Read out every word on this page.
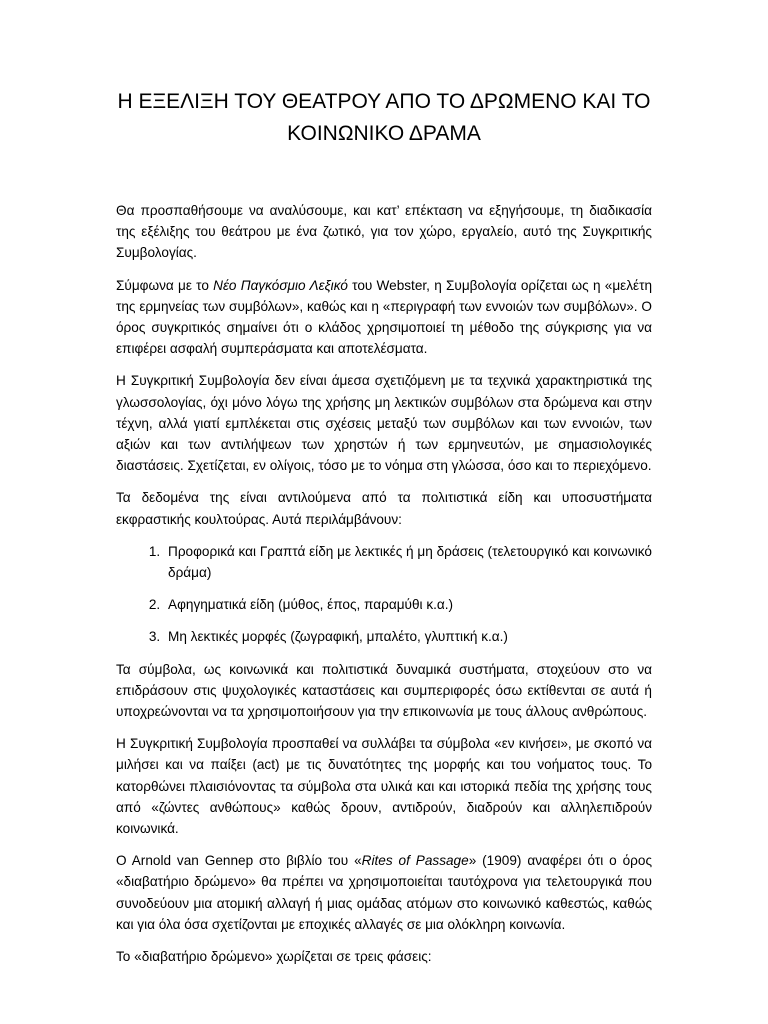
Η ΕΞΕΛΙΞΗ ΤΟΥ ΘΕΑΤΡΟΥ ΑΠΟ ΤΟ ΔΡΩΜΕΝΟ ΚΑΙ ΤΟ
ΚΟΙΝΩΝΙΚΟ ΔΡΑΜΑ

Θα προσπαθήσουμε να αναλύσουμε, και κατ’ επέκταση να εξηγήσουμε, τη διαδικασία της εξέλιξης του θεάτρου με ένα ζωτικό, για τον χώρο, εργαλείο, αυτό της Συγκριτικής Συμβολογίας.

Σύμφωνα με το Νέο Παγκόσμιο Λεξικό του Webster, η Συμβολογία ορίζεται ως η «μελέτη της ερμηνείας των συμβόλων», καθώς και η «περιγραφή των εννοιών των συμβόλων». Ο όρος συγκριτικός σημαίνει ότι ο κλάδος χρησιμοποιεί τη μέθοδο της σύγκρισης για να επιφέρει ασφαλή συμπεράσματα και αποτελέσματα.

Η Συγκριτική Συμβολογία δεν είναι άμεσα σχετιζόμενη με τα τεχνικά χαρακτηριστικά της γλωσσολογίας, όχι μόνο λόγω της χρήσης μη λεκτικών συμβόλων στα δρώμενα και στην τέχνη, αλλά γιατί εμπλέκεται στις σχέσεις μεταξύ των συμβόλων και των εννοιών, των αξιών και των αντιλήψεων των χρηστών ή των ερμηνευτών, με σημασιολογικές διαστάσεις. Σχετίζεται, εν ολίγοις, τόσο με το νόημα στη γλώσσα, όσο και το περιεχόμενο.

Τα δεδομένα της είναι αντιλούμενα από τα πολιτιστικά είδη και υποσυστήματα εκφραστικής κουλτούρας. Αυτά περιλάμβάνουν:

1. Προφορικά και Γραπτά είδη με λεκτικές ή μη δράσεις (τελετουργικό και κοινωνικό δράμα)
2. Αφηγηματικά είδη (μύθος, έπος, παραμύθι κ.α.)
3. Μη λεκτικές μορφές (ζωγραφική, μπαλέτο, γλυπτική κ.α.)

Τα σύμβολα, ως κοινωνικά και πολιτιστικά δυναμικά συστήματα, στοχεύουν στο να επιδράσουν στις ψυχολογικές καταστάσεις και συμπεριφορές όσω εκτίθενται σε αυτά ή υποχρεώνονται να τα χρησιμοποιήσουν για την επικοινωνία με τους άλλους ανθρώπους.

Η Συγκριτική Συμβολογία προσπαθεί να συλλάβει τα σύμβολα «εν κινήσει», με σκοπό να μιλήσει και να παίξει (act) με τις δυνατότητες της μορφής και του νοήματος τους. Το κατορθώνει πλαισιόνοντας τα σύμβολα στα υλικά και και ιστορικά πεδία της χρήσης τους από «ζώντες ανθώπους» καθώς δρουν, αντιδρούν, διαδρούν και αλληλεπιδρούν κοινωνικά.

O Arnold van Gennep στο βιβλίο του «Rites of Passage» (1909) αναφέρει ότι ο όρος «διαβατήριο δρώμενο» θα πρέπει να χρησιμοποιείται ταυτόχρονα για τελετουργικά που συνοδεύουν μια ατομική αλλαγή ή μιας ομάδας ατόμων στο κοινωνικό καθεστώς, καθώς και για όλα όσα σχετίζονται με εποχικές αλλαγές σε μια ολόκληρη κοινωνία.

Το «διαβατήριο δρώμενο» χωρίζεται σε τρεις φάσεις:
